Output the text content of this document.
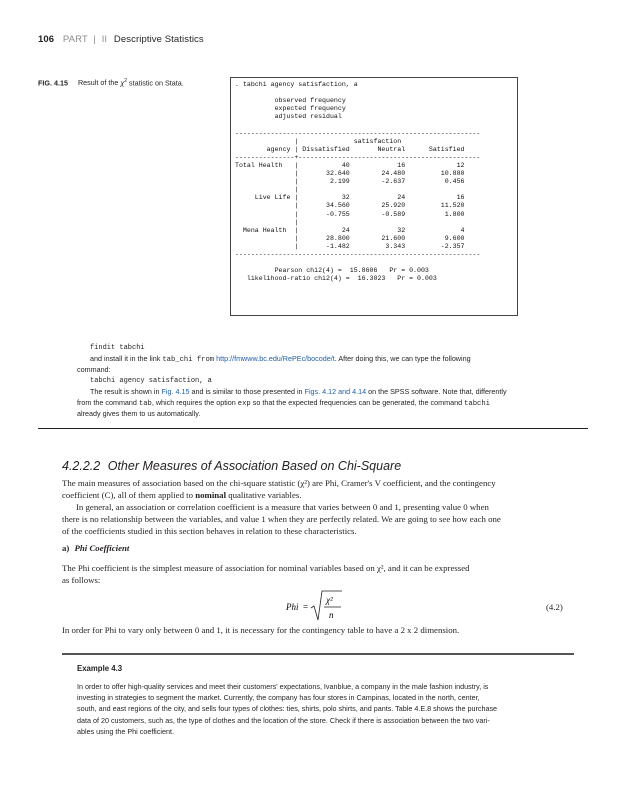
106 PART | II Descriptive Statistics
FIG. 4.15 Result of the $\chi^2$ statistic on Stata.	. tabchi agency satisfaction, a

observed frequency
expected frequency
adjusted residual

--------------------------------------------------------------
|              satisfaction
agency | Dissatisfied       Neutral      Satisfied
---------------+----------------------------------------------
Total Health   |           40            16             12
|       32.640        24.480         10.880
|        2.199        -2.637          0.456
|
Live Life |           32            24             16
|       34.560        25.920         11.520
|       -0.755        -0.589          1.800
|
Mena Health  |           24            32              4
|       28.800        21.600          9.600
|       -1.482         3.343         -2.357
--------------------------------------------------------------

Pearson chi2(4) =  15.8606   Pr = 0.003
likelihood-ratio chi2(4) =  16.3023   Pr = 0.003
findit tabchi
and install it in the link tab_chi from http://fmwww.bc.edu/RePEc/bocode/t. After doing this, we can type the following
command:
tabchi agency satisfaction, a
The result is shown in Fig. 4.15 and is similar to those presented in Figs. 4.12 and 4.14 on the SPSS software. Note that, differently
from the command tab, which requires the option exp so that the expected frequencies can be generated, the command tabchi
already gives them to us automatically.
4.2.2.2 Other Measures of Association Based on Chi-Square
The main measures of association based on the chi-square statistic (χ²) are Phi, Cramer's V coefficient, and the contingency
coefficient (C), all of them applied to nominal qualitative variables.
In general, an association or correlation coefficient is a measure that varies between 0 and 1, presenting value 0 when
there is no relationship between the variables, and value 1 when they are perfectly related. We are going to see how each one
of the coefficients studied in this section behaves in relation to these characteristics.
a) Phi Coefficient
The Phi coefficient is the simplest measure of association for nominal variables based on χ², and it can be expressed
as follows:
Phi =
χ²
n
(4.2)
In order for Phi to vary only between 0 and 1, it is necessary for the contingency table to have a 2 x 2 dimension.
Example 4.3
In order to offer high-quality services and meet their customers' expectations, Ivanblue, a company in the male fashion industry, is
investing in strategies to segment the market. Currently, the company has four stores in Campinas, located in the north, center,
south, and east regions of the city, and sells four types of clothes: ties, shirts, polo shirts, and pants. Table 4.E.8 shows the purchase
data of 20 customers, such as, the type of clothes and the location of the store. Check if there is association between the two vari-
ables using the Phi coefficient.
